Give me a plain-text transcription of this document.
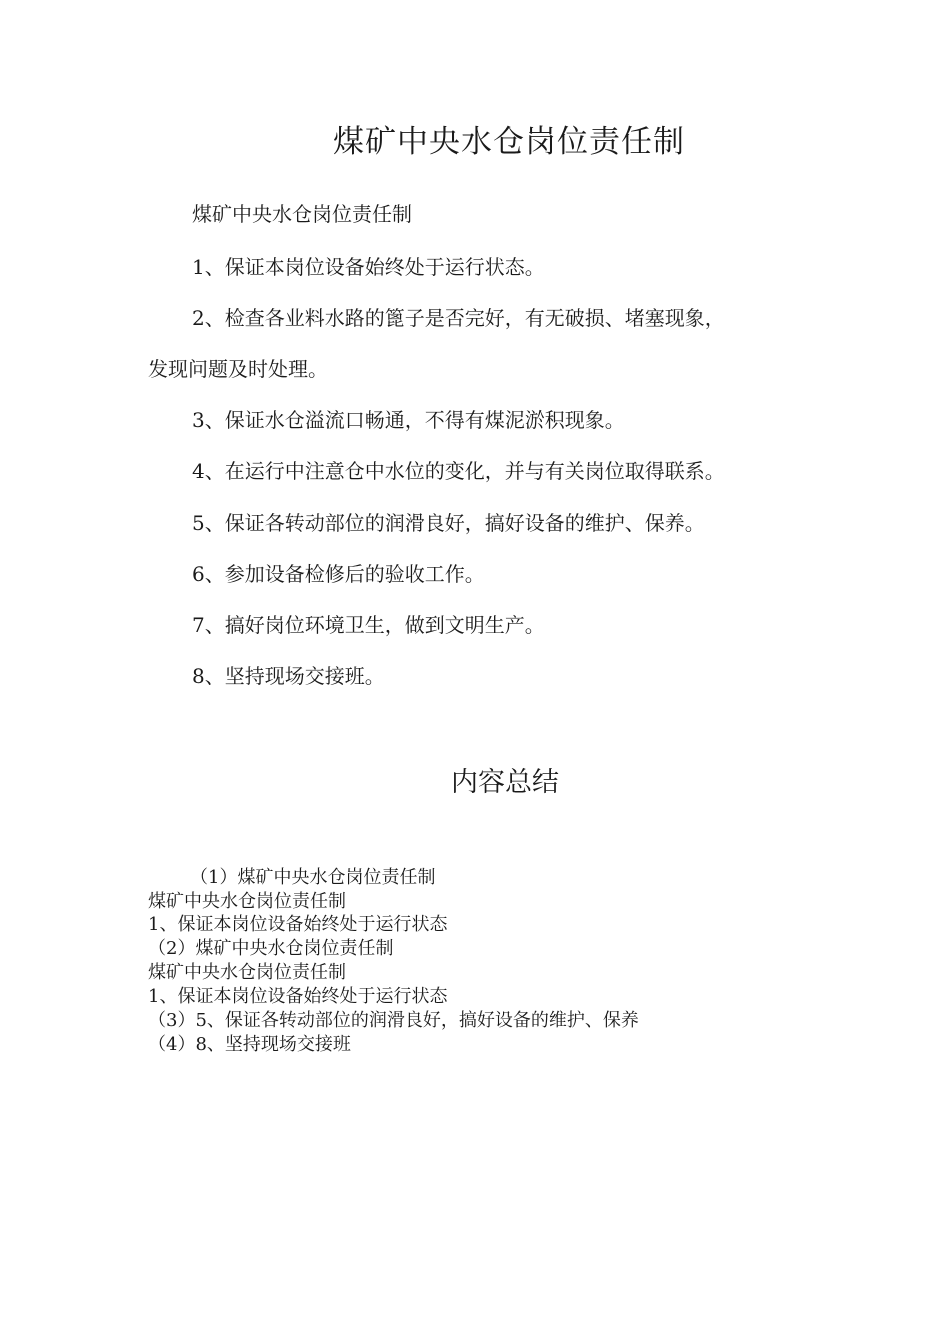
煤矿中央水仓岗位责任制
煤矿中央水仓岗位责任制
1、保证本岗位设备始终处于运行状态。
2、检查各业料水路的篦子是否完好，有无破损、堵塞现象，
发现问题及时处理。
3、保证水仓溢流口畅通，不得有煤泥淤积现象。
4、在运行中注意仓中水位的变化，并与有关岗位取得联系。
5、保证各转动部位的润滑良好，搞好设备的维护、保养。
6、参加设备检修后的验收工作。
7、搞好岗位环境卫生，做到文明生产。
8、坚持现场交接班。
内容总结
（1）煤矿中央水仓岗位责任制
煤矿中央水仓岗位责任制
1、保证本岗位设备始终处于运行状态
（2）煤矿中央水仓岗位责任制
煤矿中央水仓岗位责任制
1、保证本岗位设备始终处于运行状态
（3）5、保证各转动部位的润滑良好，搞好设备的维护、保养
（4）8、坚持现场交接班
